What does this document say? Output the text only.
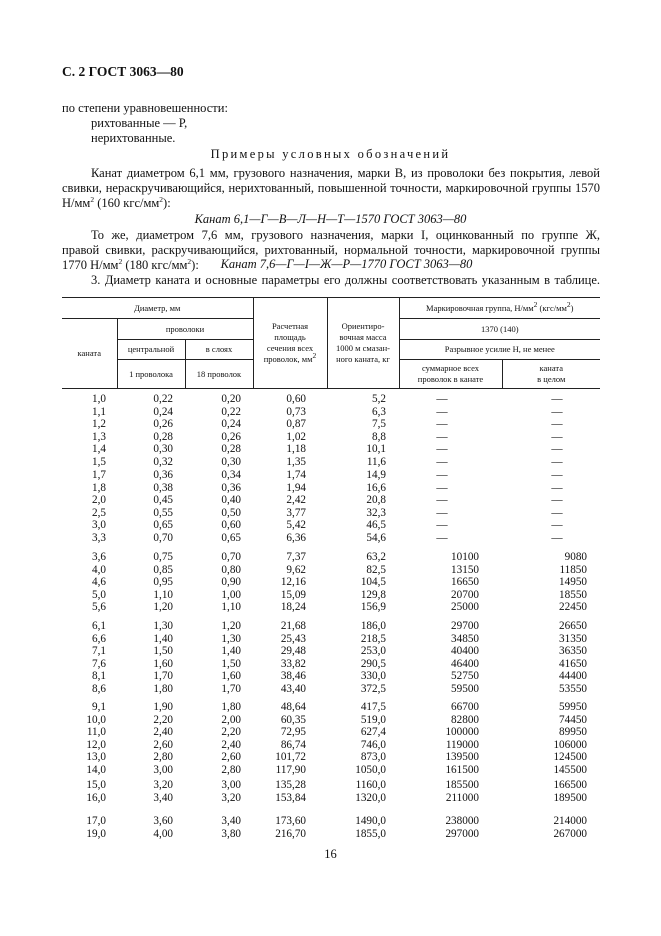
С. 2 ГОСТ 3063—80
по степени уравновешенности:
рихтованные — Р,
нерихтованные.
Примеры условных обозначений
Канат диаметром 6,1 мм, грузового назначения, марки В, из проволоки без покрытия, левой
свивки, нераскручивающийся, нерихтованный, повышенной точности, маркировочной группы 1570
$Н/мм^2$ (160 кгс/$мм^2$):
Канат 6,1—Г—В—Л—Н—Т—1570 ГОСТ 3063—80
То же, диаметром 7,6 мм, грузового назначения, марки I, оцинкованный по группе Ж,
правой свивки, раскручивающийся, рихтованный, нормальной точности, маркировочной группы
1770 $Н/мм^2$ (180 кгс/$мм^2$):	Канат 7,6—Г—I—Ж—Р—1770 ГОСТ 3063—80
3. Диаметр каната и основные параметры его должны соответствовать указанным в таблице.
Диаметр, мм			Расчетная
площадь
сечения всех
проволок, $мм^2$	Ориентиро-
вочная масса
1000 м смазан-
ного каната, кг	Маркировочная группа, $Н/мм^2$ $(кгс/мм^2)$	
каната	проволоки				1370 (140)	
	центральной	в слоях			Разрывное усилие Н, не менее	
	1 проволока	18 проволок			суммарное всех
проволок в канате	каната
в целом
1,0	0,22	0,20	0,60	5,2	—	—
1,1	0,24	0,22	0,73	6,3	—	—
1,2	0,26	0,24	0,87	7,5	—	—
1,3	0,28	0,26	1,02	8,8	—	—
1,4	0,30	0,28	1,18	10,1	—	—
1,5	0,32	0,30	1,35	11,6	—	—
1,7	0,36	0,34	1,74	14,9	—	—
1,8	0,38	0,36	1,94	16,6	—	—
2,0	0,45	0,40	2,42	20,8	—	—
2,5	0,55	0,50	3,77	32,3	—	—
3,0	0,65	0,60	5,42	46,5	—	—
3,3	0,70	0,65	6,36	54,6	—	—
3,6	0,75	0,70	7,37	63,2	10100	9080
4,0	0,85	0,80	9,62	82,5	13150	11850
4,6	0,95	0,90	12,16	104,5	16650	14950
5,0	1,10	1,00	15,09	129,8	20700	18550
5,6	1,20	1,10	18,24	156,9	25000	22450
6,1	1,30	1,20	21,68	186,0	29700	26650
6,6	1,40	1,30	25,43	218,5	34850	31350
7,1	1,50	1,40	29,48	253,0	40400	36350
7,6	1,60	1,50	33,82	290,5	46400	41650
8,1	1,70	1,60	38,46	330,0	52750	44400
8,6	1,80	1,70	43,40	372,5	59500	53550
9,1	1,90	1,80	48,64	417,5	66700	59950
10,0	2,20	2,00	60,35	519,0	82800	74450
11,0	2,40	2,20	72,95	627,4	100000	89950
12,0	2,60	2,40	86,74	746,0	119000	106000
13,0	2,80	2,60	101,72	873,0	139500	124500
14,0	3,00	2,80	117,90	1050,0	161500	145500
15,0	3,20	3,00	135,28	1160,0	185500	166500
16,0	3,40	3,20	153,84	1320,0	211000	189500
17,0	3,60	3,40	173,60	1490,0	238000	214000
19,0	4,00	3,80	216,70	1855,0	297000	267000
16
